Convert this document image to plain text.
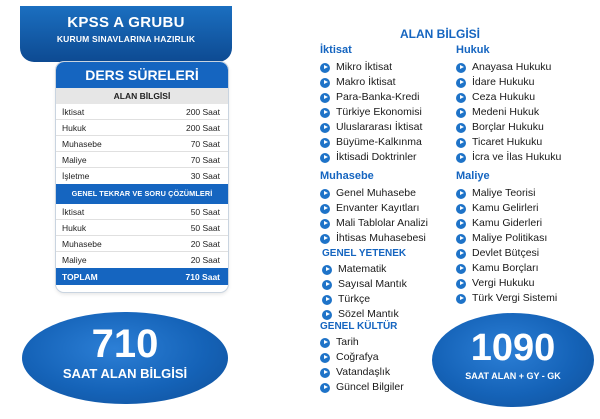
KPSS A GRUBU
KURUM SINAVLARINA HAZIRLIK
DERS SÜRELERİ
ALAN BİLGİSİ
İktisat	200 Saat
Hukuk	200 Saat
Muhasebe	70 Saat
Maliye	70 Saat
İşletme	30 Saat
GENEL TEKRAR VE SORU ÇÖZÜMLERİ
İktisat	50 Saat
Hukuk	50 Saat
Muhasebe	20 Saat
Maliye	20 Saat
TOPLAM	710 Saat
710
SAAT ALAN BİLGİSİ
1090
SAAT ALAN + GY - GK
ALAN BİLGİSİ
İktisat
Mikro İktisat
Makro İktisat
Para-Banka-Kredi
Türkiye Ekonomisi
Uluslararası İktisat
Büyüme-Kalkınma
İktisadi Doktrinler
Hukuk
Anayasa Hukuku
İdare Hukuku
Ceza Hukuku
Medeni Hukuk
Borçlar Hukuku
Ticaret Hukuku
İcra ve İlas Hukuku
Muhasebe
Genel Muhasebe
Envanter Kayıtları
Mali Tablolar Analizi
İhtisas Muhasebesi
Maliye
Maliye Teorisi
Kamu Gelirleri
Kamu Giderleri
Maliye Politikası
Devlet Bütçesi
Kamu Borçları
Vergi Hukuku
Türk Vergi Sistemi
GENEL YETENEK
Matematik
Sayısal Mantık
Türkçe
Sözel Mantık
GENEL KÜLTÜR
Tarih
Coğrafya
Vatandaşlık
Güncel Bilgiler
